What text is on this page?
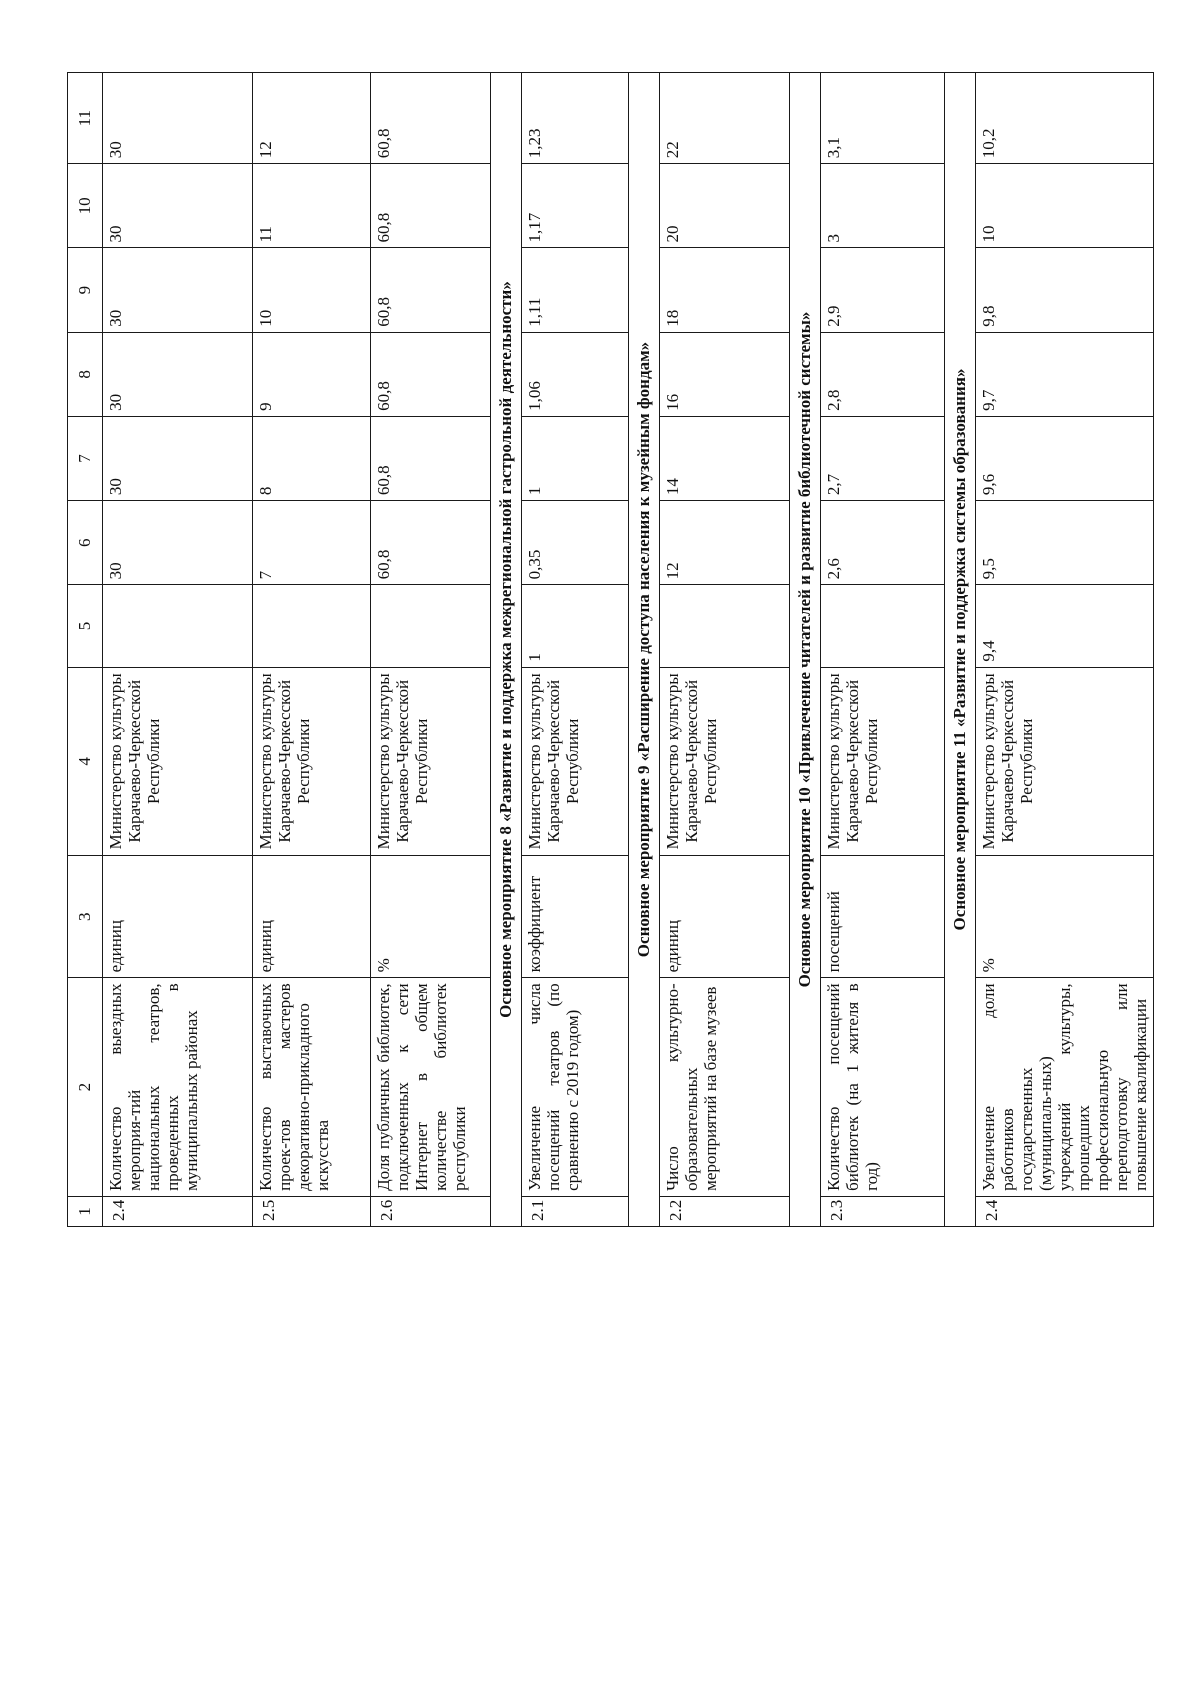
1	2	3	4	5	6	7	8	9	10	11
2.4	Количество выездных мероприя-тий национальных театров, проведенных в муниципальных районах	единиц	Министерство культуры Карачаево-Черкесской Республики		30	30	30	30	30	30
2.5	Количество выставочных проек-тов мастеров декоративно-прикладного искусства	единиц	Министерство культуры Карачаево-Черкесской Республики		7	8	9	10	11	12
2.6	Доля публичных библиотек, подключенных к сети Интернет в общем количестве библиотек республики	%	Министерство культуры Карачаево-Черкесской Республики		60,8	60,8	60,8	60,8	60,8	60,8
Основное мероприятие 8 «Развитие и поддержка межрегиональной гастрольной деятельности»										
2.1	Увеличение числа посещений театров (по сравнению с 2019 годом)	коэффициент	Министерство культуры Карачаево-Черкесской Республики	1	0,35	1	1,06	1,11	1,17	1,23
Основное мероприятие 9 «Расширение доступа населения к музейным фондам»										
2.2	Число культурно-образовательных мероприятий на базе музеев	единиц	Министерство культуры Карачаево-Черкесской Республики		12	14	16	18	20	22
Основное мероприятие 10 «Привлечение читателей и развитие библиотечной системы»										
2.3	Количество посещений библиотек (на 1 жителя в год)	посещений	Министерство культуры Карачаево-Черкесской Республики		2,6	2,7	2,8	2,9	3	3,1
Основное мероприятие 11 «Развитие и поддержка системы образования»										
2.4	Увеличение доли работников государственных (муниципаль-ных) учреждений культуры, прошедших профессиональную переподготовку или повышение квалификации	%	Министерство культуры Карачаево-Черкесской Республики	9,4	9,5	9,6	9,7	9,8	10	10,2
